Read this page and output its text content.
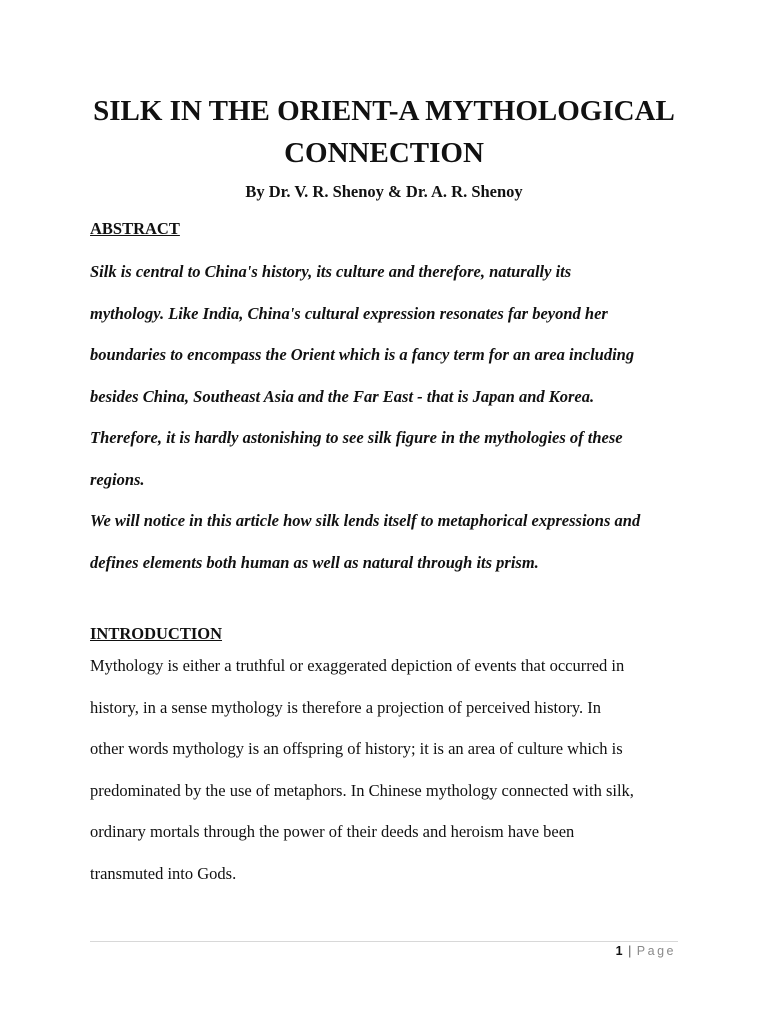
SILK IN THE ORIENT-A MYTHOLOGICAL
CONNECTION

By Dr. V. R. Shenoy & Dr. A. R. Shenoy

ABSTRACT

Silk is central to China's history, its culture and therefore, naturally its
mythology. Like India, China's cultural expression resonates far beyond her
boundaries to encompass the Orient which is a fancy term for an area including
besides China, Southeast Asia and the Far East - that is Japan and Korea.
Therefore, it is hardly astonishing to see silk figure in the mythologies of these
regions.

We will notice in this article how silk lends itself to metaphorical expressions and
defines elements both human as well as natural through its prism.

INTRODUCTION

Mythology is either a truthful or exaggerated depiction of events that occurred in
history, in a sense mythology is therefore a projection of perceived history. In
other words mythology is an offspring of history; it is an area of culture which is
predominated by the use of metaphors. In Chinese mythology connected with silk,
ordinary mortals through the power of their deeds and heroism have been
transmuted into Gods.

1 | Page
